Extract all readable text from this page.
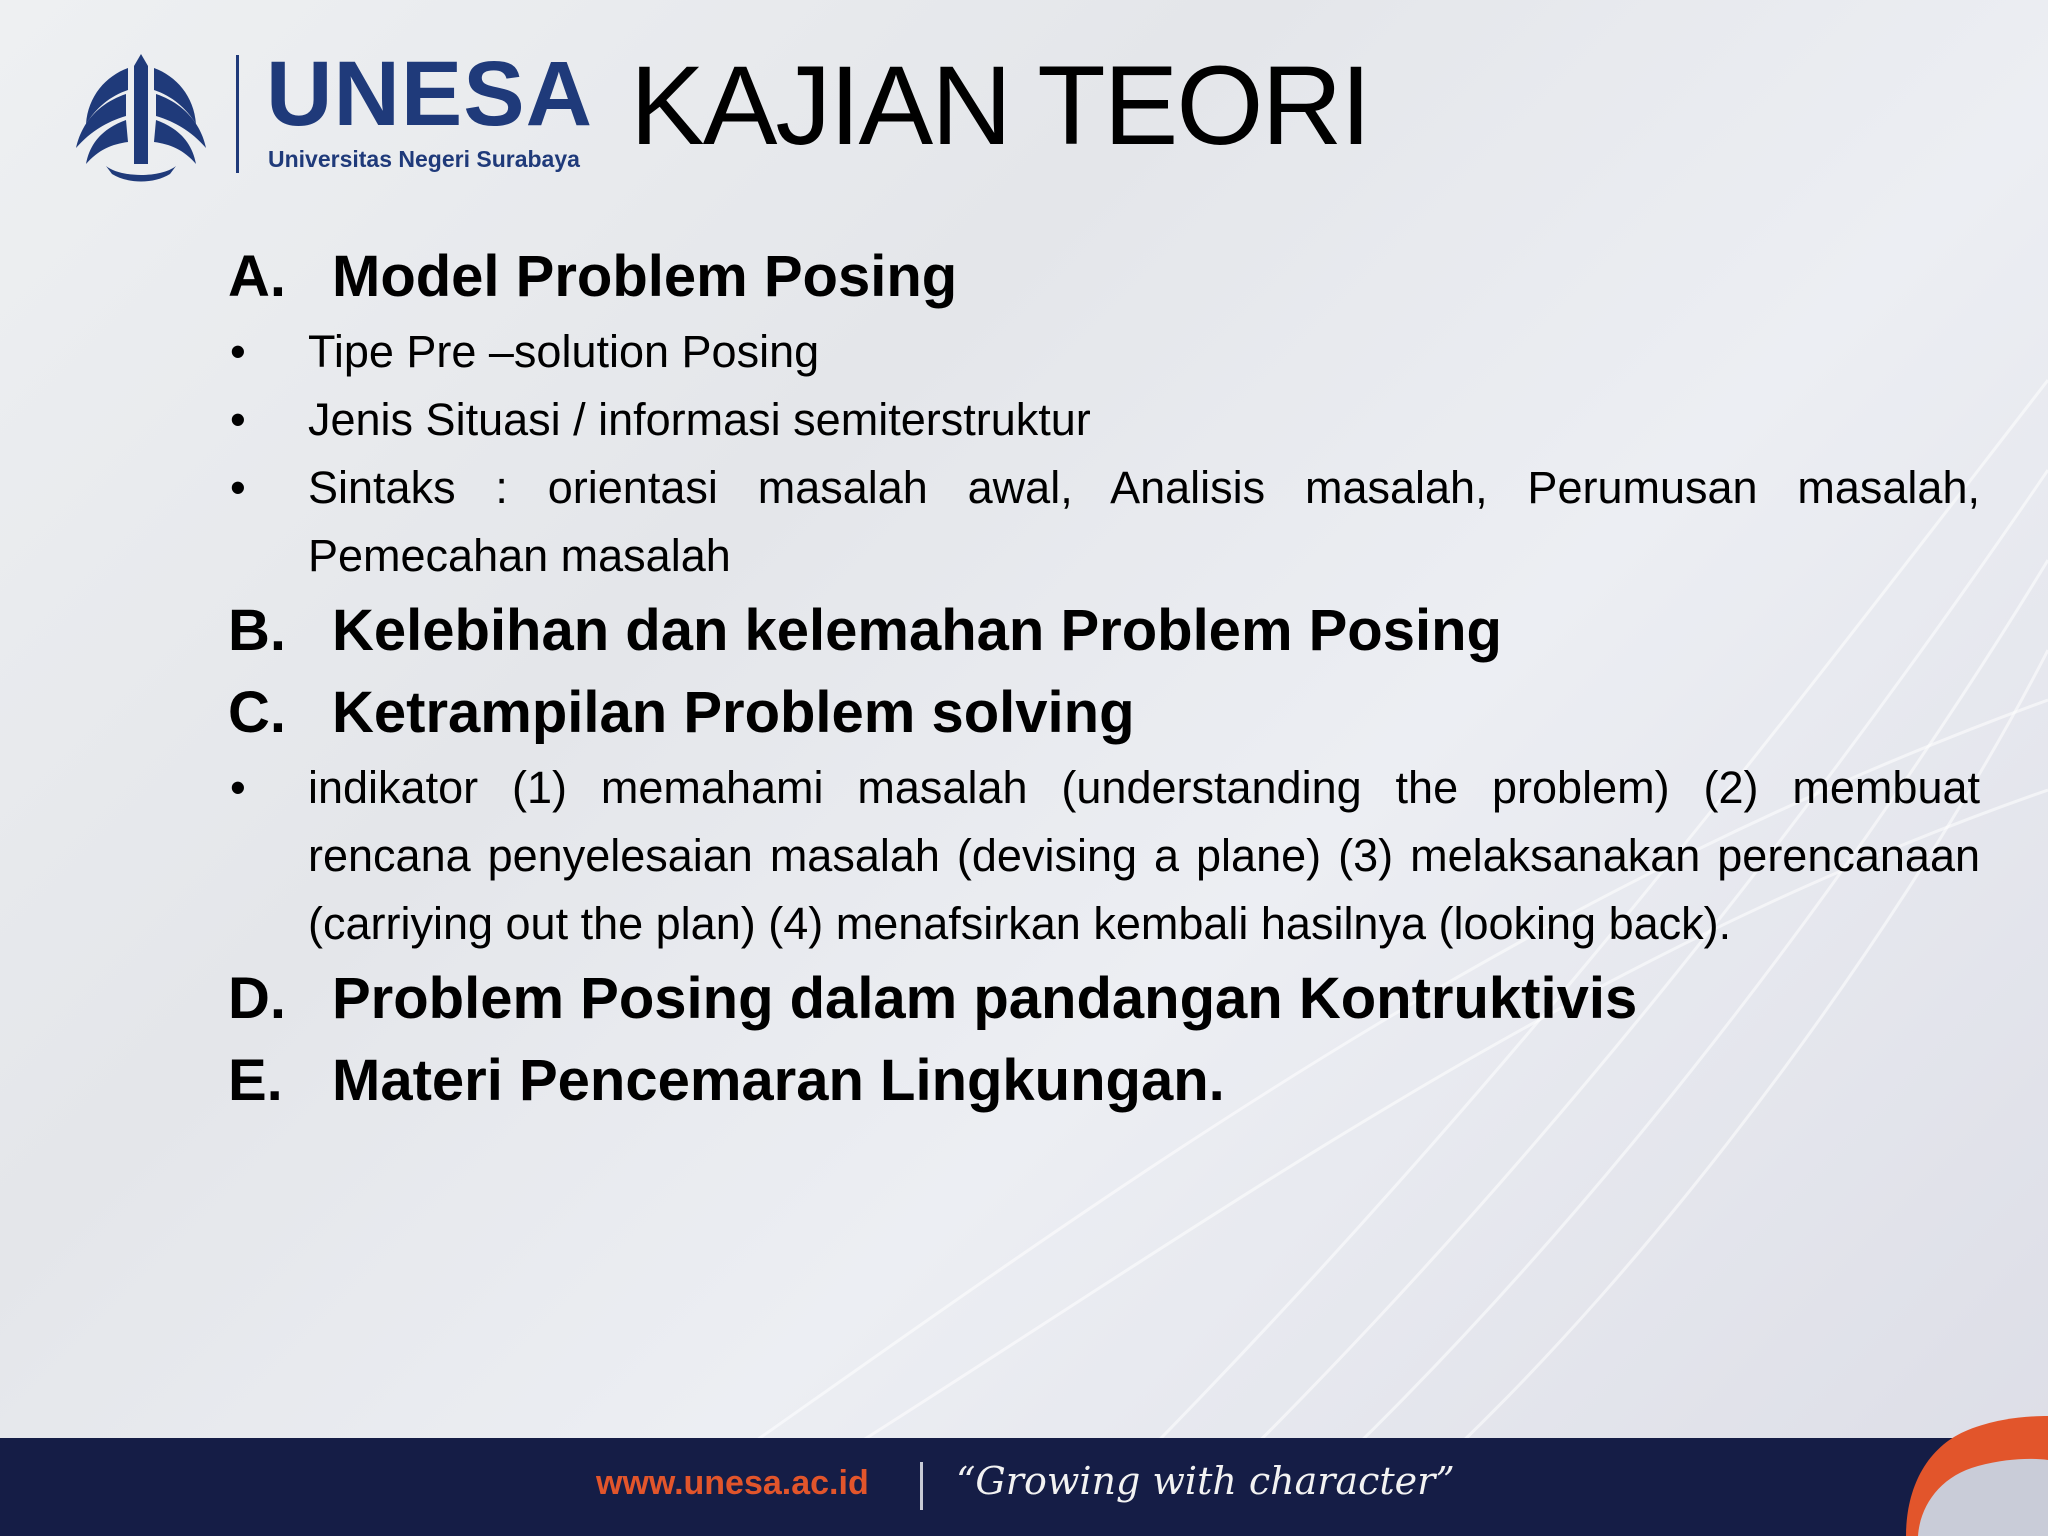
UNESA
Universitas Negeri Surabaya KAJIAN TEORI
A. Model Problem Posing
•	Tipe Pre –solution Posing
•	Jenis Situasi / informasi semiterstruktur
•	Sintaks : orientasi masalah awal, Analisis masalah, Perumusan masalah, Pemecahan masalah
B. Kelebihan dan kelemahan Problem Posing
C. Ketrampilan Problem solving
•	indikator (1) memahami masalah (understanding the problem) (2) membuat rencana penyelesaian masalah (devising a plane) (3) melaksanakan perencanaan (carriying out the plan) (4) menafsirkan kembali hasilnya (looking back).
D. Problem Posing dalam pandangan Kontruktivis
E. Materi Pencemaran Lingkungan.
www.unesa.ac.id “Growing with character”
